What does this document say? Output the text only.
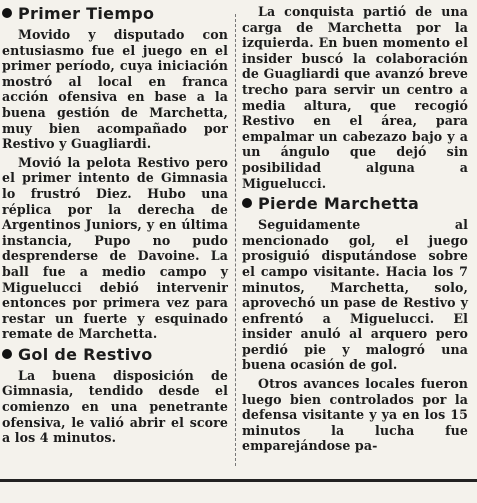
Primer Tiempo

Movido y disputado con entusiasmo fue el juego en el primer período, cuya iniciación mostró al local en franca acción ofensiva en base a la buena gestión de Marchetta, muy bien acompañado por Restivo y Guagliardi.

Movió la pelota Restivo pero el primer intento de Gimnasia lo frustró Diez. Hubo una réplica por la derecha de Argentinos Juniors, y en última instancia, Pupo no pudo desprenderse de Davoine. La ball fue a medio campo y Miguelucci debió intervenir entonces por primera vez para restar un fuerte y esquinado remate de Marchetta.

Gol de Restivo

La buena disposición de Gimnasia, tendido desde el comienzo en una penetrante ofensiva, le valió abrir el score a los 4 minutos.

La conquista partió de una carga de Marchetta por la izquierda. En buen momento el insider buscó la colaboración de Guagliardi que avanzó breve trecho para servir un centro a media altura, que recogió Restivo en el área, para empalmar un cabezazo bajo y a un ángulo que dejó sin posibilidad alguna a Miguelucci.

Pierde Marchetta

Seguidamente al mencionado gol, el juego prosiguió disputándose sobre el campo visitante. Hacia los 7 minutos, Marchetta, solo, aprovechó un pase de Restivo y enfrentó a Miguelucci. El insider anuló al arquero pero perdió pie y malogró una buena ocasión de gol.

Otros avances locales fueron luego bien controlados por la defensa visitante y ya en los 15 minutos la lucha fue emparejándose pa-
